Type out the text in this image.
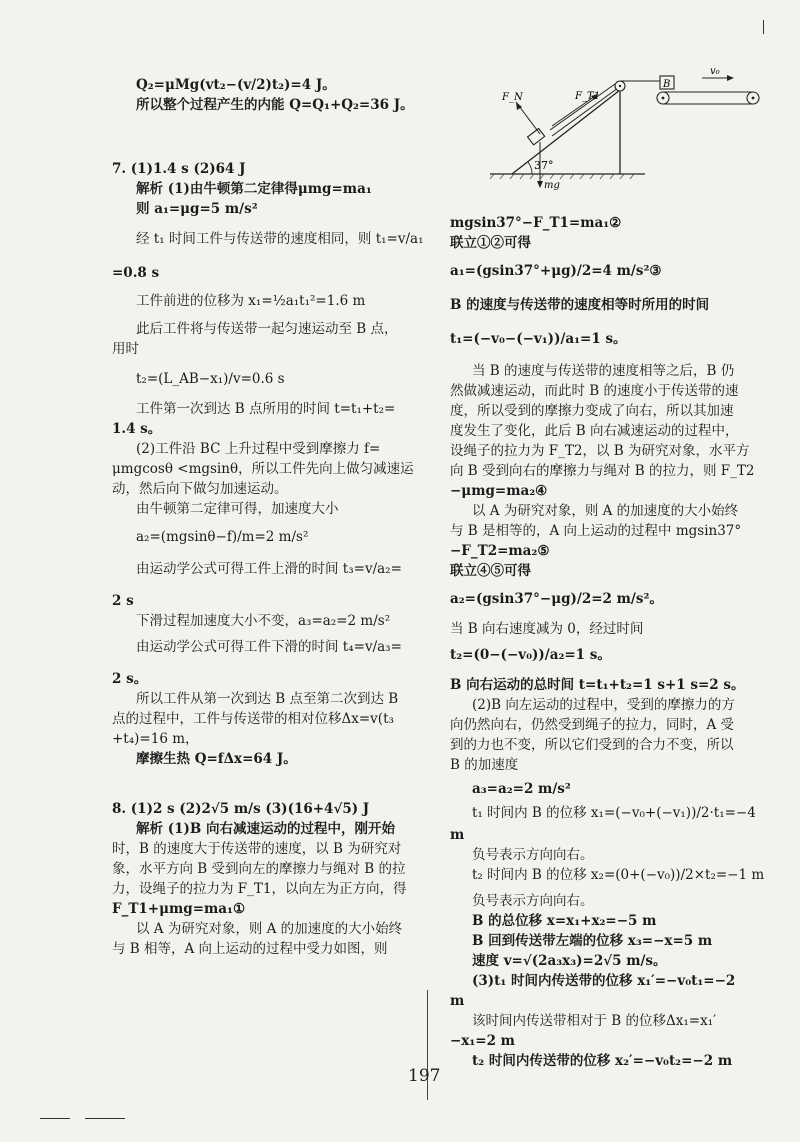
Q₂=μMg(vt₂−(v/2)t₂)=4 J。
所以整个过程产生的内能 Q=Q₁+Q₂=36 J。
7. (1)1.4 s (2)64 J
解析 (1)由牛顿第二定律得μmg=ma₁
则 a₁=μg=5 m/s²
经 t₁ 时间工件与传送带的速度相同，则 t₁=v/a₁
=0.8 s
工件前进的位移为 x₁=½a₁t₁²=1.6 m
此后工件将与传送带一起匀速运动至 B 点，
用时
t₂=(L_AB−x₁)/v=0.6 s
工件第一次到达 B 点所用的时间 t=t₁+t₂=
1.4 s。
(2)工件沿 BC 上升过程中受到摩擦力 f=
μmgcosθ <mgsinθ，所以工件先向上做匀减速运
动，然后向下做匀加速运动。
由牛顿第二定律可得，加速度大小
a₂=(mgsinθ−f)/m=2 m/s²
由运动学公式可得工件上滑的时间 t₃=v/a₂=
2 s
下滑过程加速度大小不变，a₃=a₂=2 m/s²
由运动学公式可得工件下滑的时间 t₄=v/a₃=
2 s。
所以工件从第一次到达 B 点至第二次到达 B
点的过程中，工件与传送带的相对位移Δx=v(t₃
+t₄)=16 m，
摩擦生热 Q=fΔx=64 J。
8. (1)2 s (2)2√5 m/s (3)(16+4√5) J
解析 (1)B 向右减速运动的过程中，刚开始
时，B 的速度大于传送带的速度，以 B 为研究对
象，水平方向 B 受到向左的摩擦力与绳对 B 的拉
力，设绳子的拉力为 F_T1，以向左为正方向，得
F_T1+μmg=ma₁①
以 A 为研究对象，则 A 的加速度的大小始终
与 B 相等，A 向上运动的过程中受力如图，则
mgsin37°−F_T1=ma₁②
联立①②可得
a₁=(gsin37°+μg)/2=4 m/s²③
B 的速度与传送带的速度相等时所用的时间
t₁=(−v₀−(−v₁))/a₁=1 s。
当 B 的速度与传送带的速度相等之后，B 仍
然做减速运动，而此时 B 的速度小于传送带的速
度，所以受到的摩擦力变成了向右，所以其加速
度发生了变化，此后 B 向右减速运动的过程中，
设绳子的拉力为 F_T2，以 B 为研究对象，水平方
向 B 受到向右的摩擦力与绳对 B 的拉力，则 F_T2
−μmg=ma₂④
以 A 为研究对象，则 A 的加速度的大小始终
与 B 是相等的，A 向上运动的过程中 mgsin37°
−F_T2=ma₂⑤
联立④⑤可得
a₂=(gsin37°−μg)/2=2 m/s²。
当 B 向右速度减为 0，经过时间
t₂=(0−(−v₀))/a₂=1 s。
B 向右运动的总时间 t=t₁+t₂=1 s+1 s=2 s。
(2)B 向左运动的过程中，受到的摩擦力的方
向仍然向右，仍然受到绳子的拉力，同时，A 受
到的力也不变，所以它们受到的合力不变，所以
B 的加速度
a₃=a₂=2 m/s²
t₁ 时间内 B 的位移 x₁=(−v₀+(−v₁))/2·t₁=−4
m
负号表示方向向右。
t₂ 时间内 B 的位移 x₂=(0+(−v₀))/2×t₂=−1 m
负号表示方向向右。
B 的总位移 x=x₁+x₂=−5 m
B 回到传送带左端的位移 x₃=−x=5 m
速度 v=√(2a₃x₃)=2√5 m/s。
(3)t₁ 时间内传送带的位移 x₁′=−v₀t₁=−2
m
该时间内传送带相对于 B 的位移Δx₁=x₁′
−x₁=2 m
t₂ 时间内传送带的位移 x₂′=−v₀t₂=−2 m
37°
F_T1
F_N
mg
B
v₀
197
